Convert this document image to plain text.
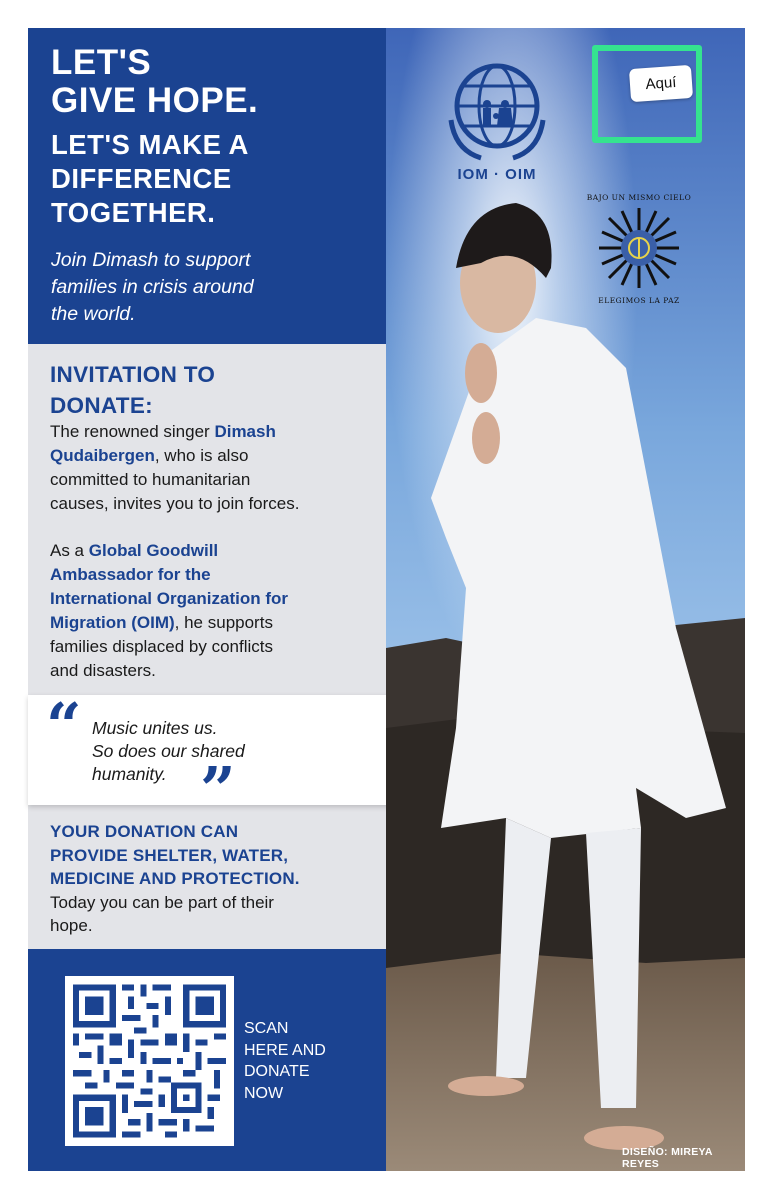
LET'S
GIVE HOPE.
LET'S MAKE A
DIFFERENCE
TOGETHER.
Join Dimash to support
families in crisis around
the world.
INVITATION TO
DONATE:
The renowned singer Dimash
Qudaibergen, who is also
committed to humanitarian
causes, invites you to join forces.
As a Global Goodwill
Ambassador for the
International Organization for
Migration (OIM), he supports
families displaced by conflicts
and disasters.
“ Music unites us.
So does our shared
humanity. ”
YOUR DONATION CAN
PROVIDE SHELTER, WATER,
MEDICINE AND PROTECTION.
Today you can be part of their
hope.
SCAN
HERE AND
DONATE
NOW
IOM · OIM
Aquí
BAJO UN MISMO CIELO
ELEGIMOS LA PAZ
DISEÑO: MIREYA REYES
